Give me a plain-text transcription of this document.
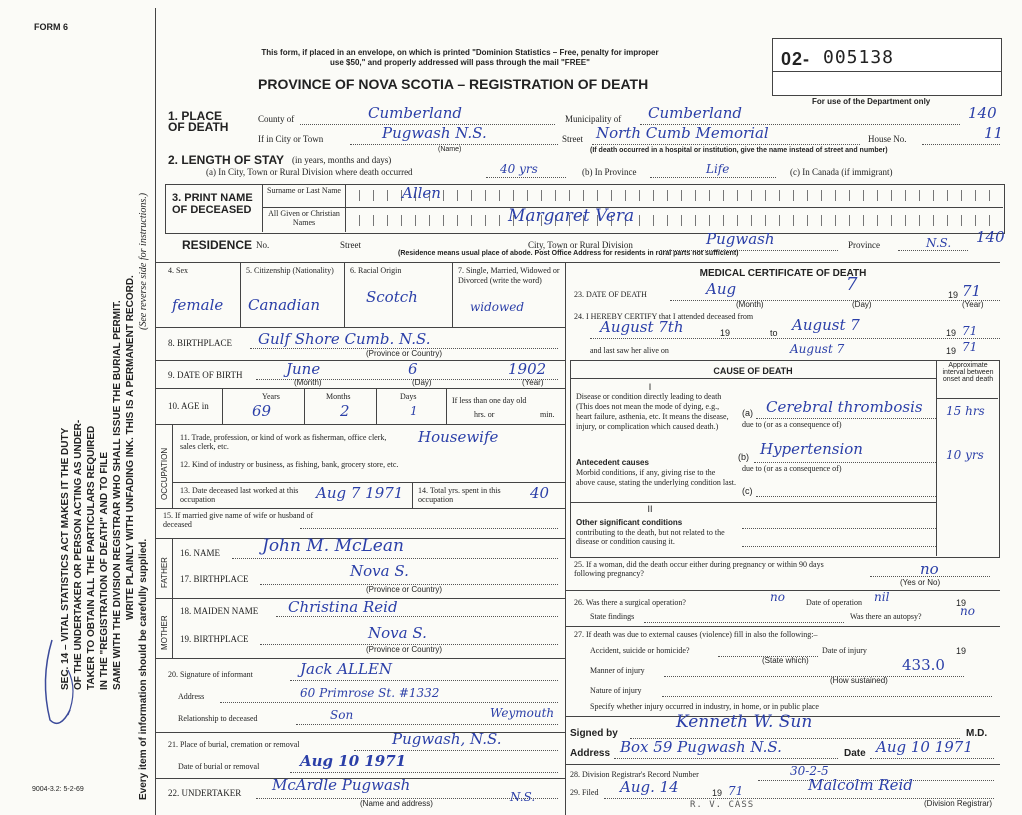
FORM 6
SEC. 14 – VITAL STATISTICS ACT MAKES IT THE DUTY OF THE UNDERTAKER OR PERSON ACTING AS UNDER- TAKER TO OBTAIN ALL THE PARTICULARS REQUIRED IN THE "REGISTRATION OF DEATH" AND TO FILE SAME WITH THE DIVISION REGISTRAR WHO SHALL ISSUE THE BURIAL PERMIT. WRITE PLAINLY WITH UNFADING INK. THIS IS A PERMANENT RECORD.
Every item of information should be carefully supplied.
(See reverse side for instructions.)
9004-3.2: 5-2-69
This form, if placed in an envelope, on which is printed "Dominion Statistics – Free, penalty for improper
use $50," and properly addressed will pass through the mail "FREE"
PROVINCE OF NOVA SCOTIA – REGISTRATION OF DEATH
02- 005138
For use of the Department only
140
11
1. PLACE OF DEATH
County of	Cumberland	Municipality of Cumberland
If in City or Town	Pugwash N.S.
(Name)
Street North Cumb Memorial	House No.
(If death occurred in a hospital or institution, give the name instead of street and number)
2. LENGTH OF STAY (in years, months and days)
(a) In City, Town or Rural Division where death occurred	40 yrs	(b) In Province	Life	(c) In Canada (if immigrant)
3. PRINT NAME OF DECEASED
Surname or Last Name
All Given or Christian Names
Allen
Margaret Vera
RESIDENCE No.	Street	City, Town or Rural Division	Pugwash	Province	N.S. 140
(Residence means usual place of abode. Post Office Address for residents in rural parts not sufficient)
4. Sex
female
5. Citizenship (Nationality)
Canadian
6. Racial Origin
Scotch
7. Single, Married, Widowed or Divorced (write the word)
widowed
8. BIRTHPLACE Gulf Shore Cumb. N.S.
(Province or Country)
9. DATE OF BIRTH	June	6	1902
(Month)	(Day)	(Year)
10. AGE in
Years	Months	Days
69	2	1
If less than one day old
hrs. or	min.
OCCUPATION
11. Trade, profession, or kind of work as fisherman, office clerk, sales clerk, etc.
Housewife
12. Kind of industry or business, as fishing, bank, grocery store, etc.
13. Date deceased last worked at this occupation	Aug 7 1971 14. Total yrs. spent in this occupation	40
15. If married give name of wife or husband of deceased
FATHER
MOTHER
16. NAME John M. McLean
17. BIRTHPLACE	Nova S.
(Province or Country)
18. MAIDEN NAME Christina Reid
19. BIRTHPLACE	Nova S.
(Province or Country)
20. Signature of informant	Jack ALLEN
Address	60 Primrose St. #1332
Relationship to deceased	Son	Weymouth
21. Place of burial, cremation or removal	Pugwash, N.S.
Date of burial or removal	Aug 10 1971
22. UNDERTAKER McArdle Pugwash
N.S.
(Name and address)
MEDICAL CERTIFICATE OF DEATH
23. DATE OF DEATH	Aug	7	19 71
(Month)	(Day)	(Year)
24. I HEREBY CERTIFY that I attended deceased from
August 7th	19	to August 7	19 71
and last saw her alive on	August 7	19 71
CAUSE OF DEATH
Approximate interval between onset and death
I
Disease or condition directly leading to death (This does not mean the mode of dying, e.g., heart failure, asthenia, etc. It means the disease, injury, or complication which caused death.)
Antecedent causes
Morbid conditions, if any, giving rise to the above cause, stating the underlying condition last.
(a) Cerebral thrombosis 15 hrs
due to (or as a consequence of)
(b) Hypertension	10 yrs
due to (or as a consequence of)
(c)
II
Other significant conditions
contributing to the death, but not related to the disease or condition causing it.
25. If a woman, did the death occur either during pregnancy or within 90 days following pregnancy?	no
(Yes or No)
26. Was there a surgical operation?	no	Date of operation nil	19
State findings	Was there an autopsy?	no
27. If death was due to external causes (violence) fill in also the following:–
Accident, suicide or homicide?
(State which)
Date of injury	19
433.0
Manner of injury
(How sustained)
Nature of injury
Specify whether injury occurred in industry, in home, or in public place
Signed by
Kenneth W. Sun
M.D.
Address Box 59 Pugwash N.S.	Date Aug 10 1971
28. Division Registrar's Record Number	30-2-5
29. Filed Aug. 14	19 71	Malcolm Reid
(Division Registrar)
R. V. CASS
